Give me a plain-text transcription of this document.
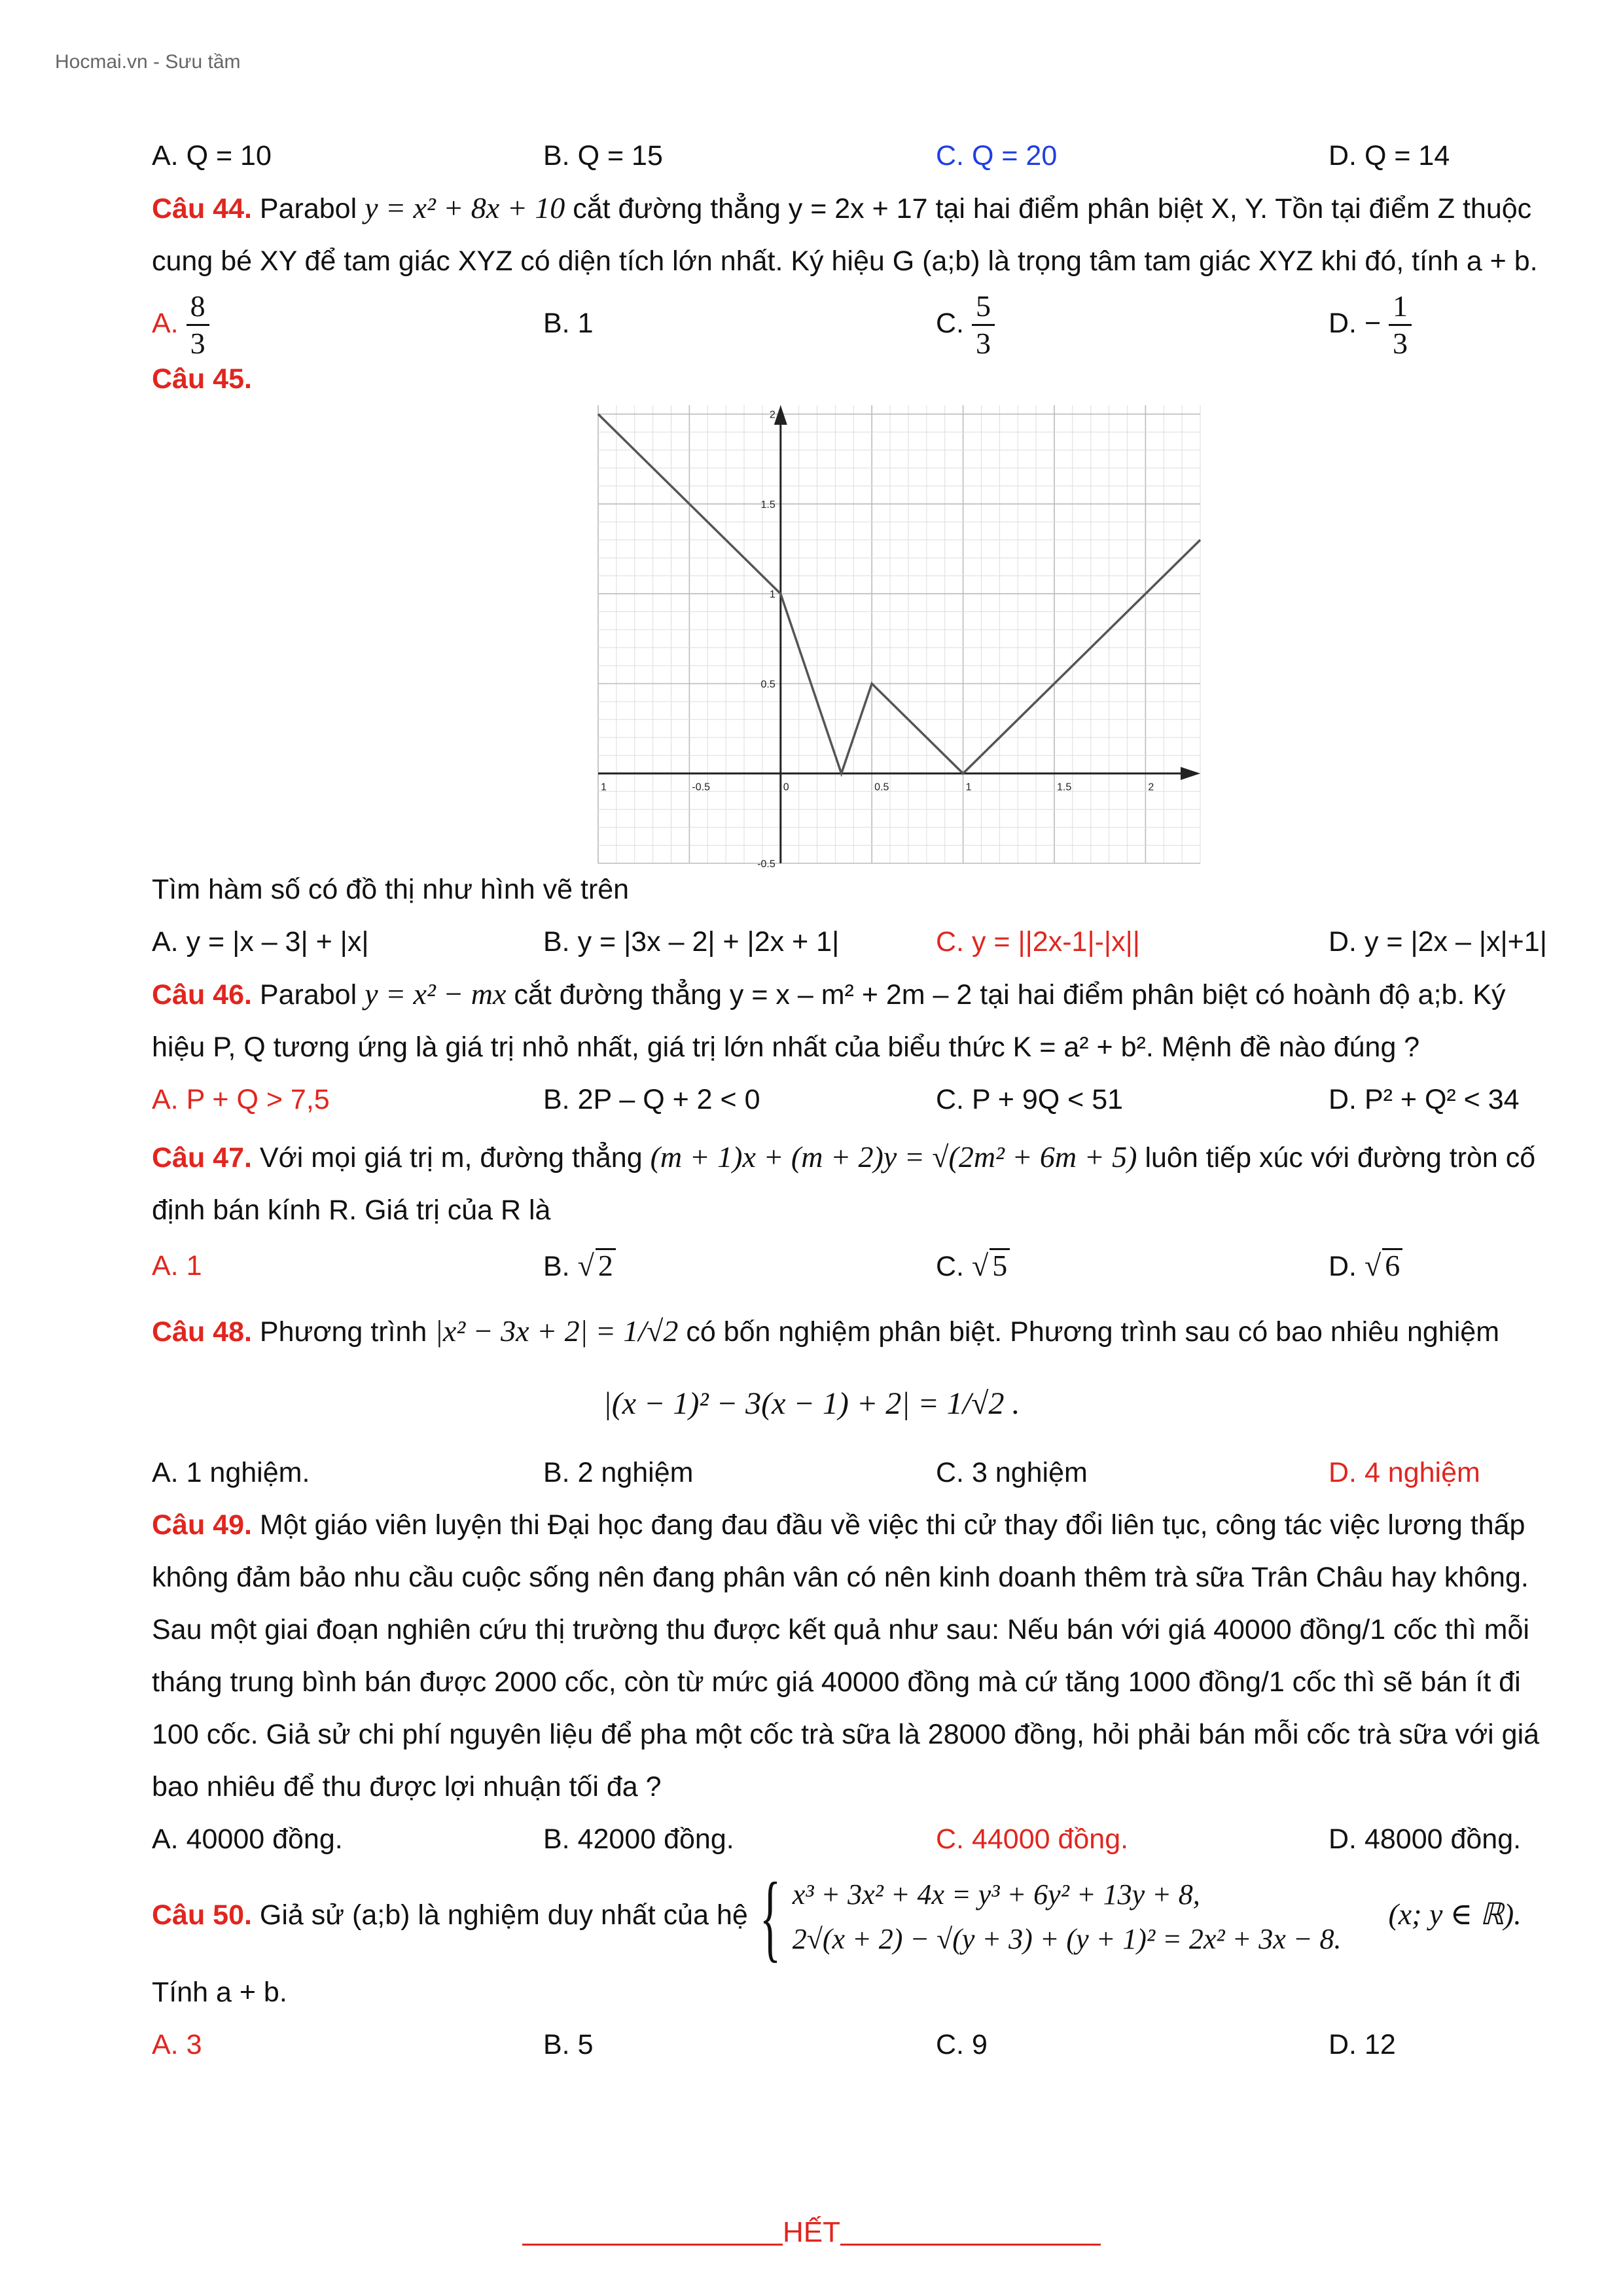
Hocmai.vn - Sưu tầm
A. Q = 10	B. Q = 15	C. Q = 20	D. Q = 14
Câu 44. Parabol y = x² + 8x + 10 cắt đường thẳng y = 2x + 17 tại hai điểm phân biệt X, Y. Tồn tại điểm Z thuộc
cung bé XY để tam giác XYZ có diện tích lớn nhất. Ký hiệu G (a;b) là trọng tâm tam giác XYZ khi đó, tính a + b.
A. $\frac{8}{3}$	B. 1	C. $\frac{5}{3}$	D. − $\frac{1}{3}$
Câu 45.
1	-0.5	0	0.5	1	1.5	2
2
1.5
1
0.5
-0.5
Tìm hàm số có đồ thị như hình vẽ trên
A. y = |x – 3| + |x|	B. y = |3x – 2| + |2x + 1|	C. y = ||2x-1|-|x||	D. y = |2x – |x|+1|
Câu 46. Parabol y = x² − mx cắt đường thẳng y = x – m² + 2m – 2 tại hai điểm phân biệt có hoành độ a;b. Ký
hiệu P, Q tương ứng là giá trị nhỏ nhất, giá trị lớn nhất của biểu thức K = a² + b². Mệnh đề nào đúng ?
A. P + Q > 7,5	B. 2P – Q + 2 < 0	C. P + 9Q < 51	D. P² + Q² < 34
Câu 47. Với mọi giá trị m, đường thẳng (m + 1)x + (m + 2)y = √(2m² + 6m + 5) luôn tiếp xúc với đường tròn cố
định bán kính R. Giá trị của R là
A. 1	B. √ 2	C. √ 5	D. √ 6
Câu 48. Phương trình |x² − 3x + 2| = 1/√2 có bốn nghiệm phân biệt. Phương trình sau có bao nhiêu nghiệm
|(x − 1)² − 3(x − 1) + 2| = 1/√2 .
A. 1 nghiệm.	B. 2 nghiệm	C. 3 nghiệm	D. 4 nghiệm
Câu 49. Một giáo viên luyện thi Đại học đang đau đầu về việc thi cử thay đổi liên tục, công tác việc lương thấp
không đảm bảo nhu cầu cuộc sống nên đang phân vân có nên kinh doanh thêm trà sữa Trân Châu hay không.
Sau một giai đoạn nghiên cứu thị trường thu được kết quả như sau: Nếu bán với giá 40000 đồng/1 cốc thì mỗi
tháng trung bình bán được 2000 cốc, còn từ mức giá 40000 đồng mà cứ tăng 1000 đồng/1 cốc thì sẽ bán ít đi
100 cốc. Giả sử chi phí nguyên liệu để pha một cốc trà sữa là 28000 đồng, hỏi phải bán mỗi cốc trà sữa với giá
bao nhiêu để thu được lợi nhuận tối đa ?
A. 40000 đồng.	B. 42000 đồng.	C. 44000 đồng.	D. 48000 đồng.
Câu 50. Giả sử (a;b) là nghiệm duy nhất của hệ { x³ + 3x² + 4x = y³ + 6y² + 13y + 8,
2√(x + 2) − √(y + 3) + (y + 1)² = 2x² + 3x − 8.
(x; y ∈ ℝ).
Tính a + b.
A. 3	B. 5	C. 9	D. 12
HẾT
